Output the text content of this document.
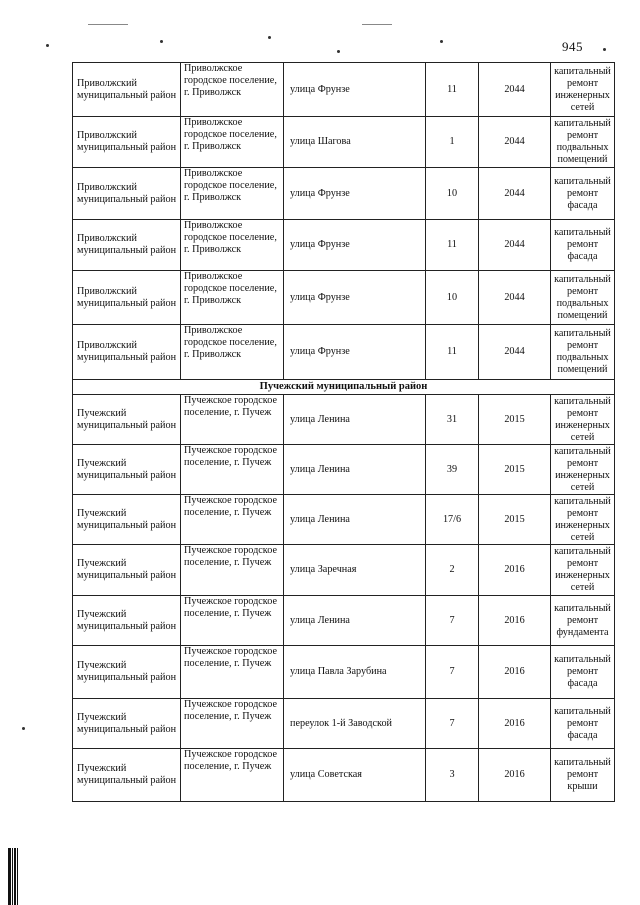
945
Приволжский муниципальный район	Приволжское городское поселение, г. Приволжск	улица Фрунзе	11	2044	капитальный ремонт инженерных сетей
Приволжский муниципальный район	Приволжское городское поселение, г. Приволжск	улица Шагова	1	2044	капитальный ремонт подвальных помещений
Приволжский муниципальный район	Приволжское городское поселение, г. Приволжск	улица Фрунзе	10	2044	капитальный ремонт фасада
Приволжский муниципальный район	Приволжское городское поселение, г. Приволжск	улица Фрунзе	11	2044	капитальный ремонт фасада
Приволжский муниципальный район	Приволжское городское поселение, г. Приволжск	улица Фрунзе	10	2044	капитальный ремонт подвальных помещений
Приволжский муниципальный район	Приволжское городское поселение, г. Приволжск	улица Фрунзе	11	2044	капитальный ремонт подвальных помещений
Пучежский муниципальный район					
Пучежский муниципальный район	Пучежское городское поселение, г. Пучеж	улица Ленина	31	2015	капитальный ремонт инженерных сетей
Пучежский муниципальный район	Пучежское городское поселение, г. Пучеж	улица Ленина	39	2015	капитальный ремонт инженерных сетей
Пучежский муниципальный район	Пучежское городское поселение, г. Пучеж	улица Ленина	17/6	2015	капитальный ремонт инженерных сетей
Пучежский муниципальный район	Пучежское городское поселение, г. Пучеж	улица Заречная	2	2016	капитальный ремонт инженерных сетей
Пучежский муниципальный район	Пучежское городское поселение, г. Пучеж	улица Ленина	7	2016	капитальный ремонт фундамента
Пучежский муниципальный район	Пучежское городское поселение, г. Пучеж	улица Павла Зарубина	7	2016	капитальный ремонт фасада
Пучежский муниципальный район	Пучежское городское поселение, г. Пучеж	переулок 1-й Заводской	7	2016	капитальный ремонт фасада
Пучежский муниципальный район	Пучежское городское поселение, г. Пучеж	улица Советская	3	2016	капитальный ремонт крыши
